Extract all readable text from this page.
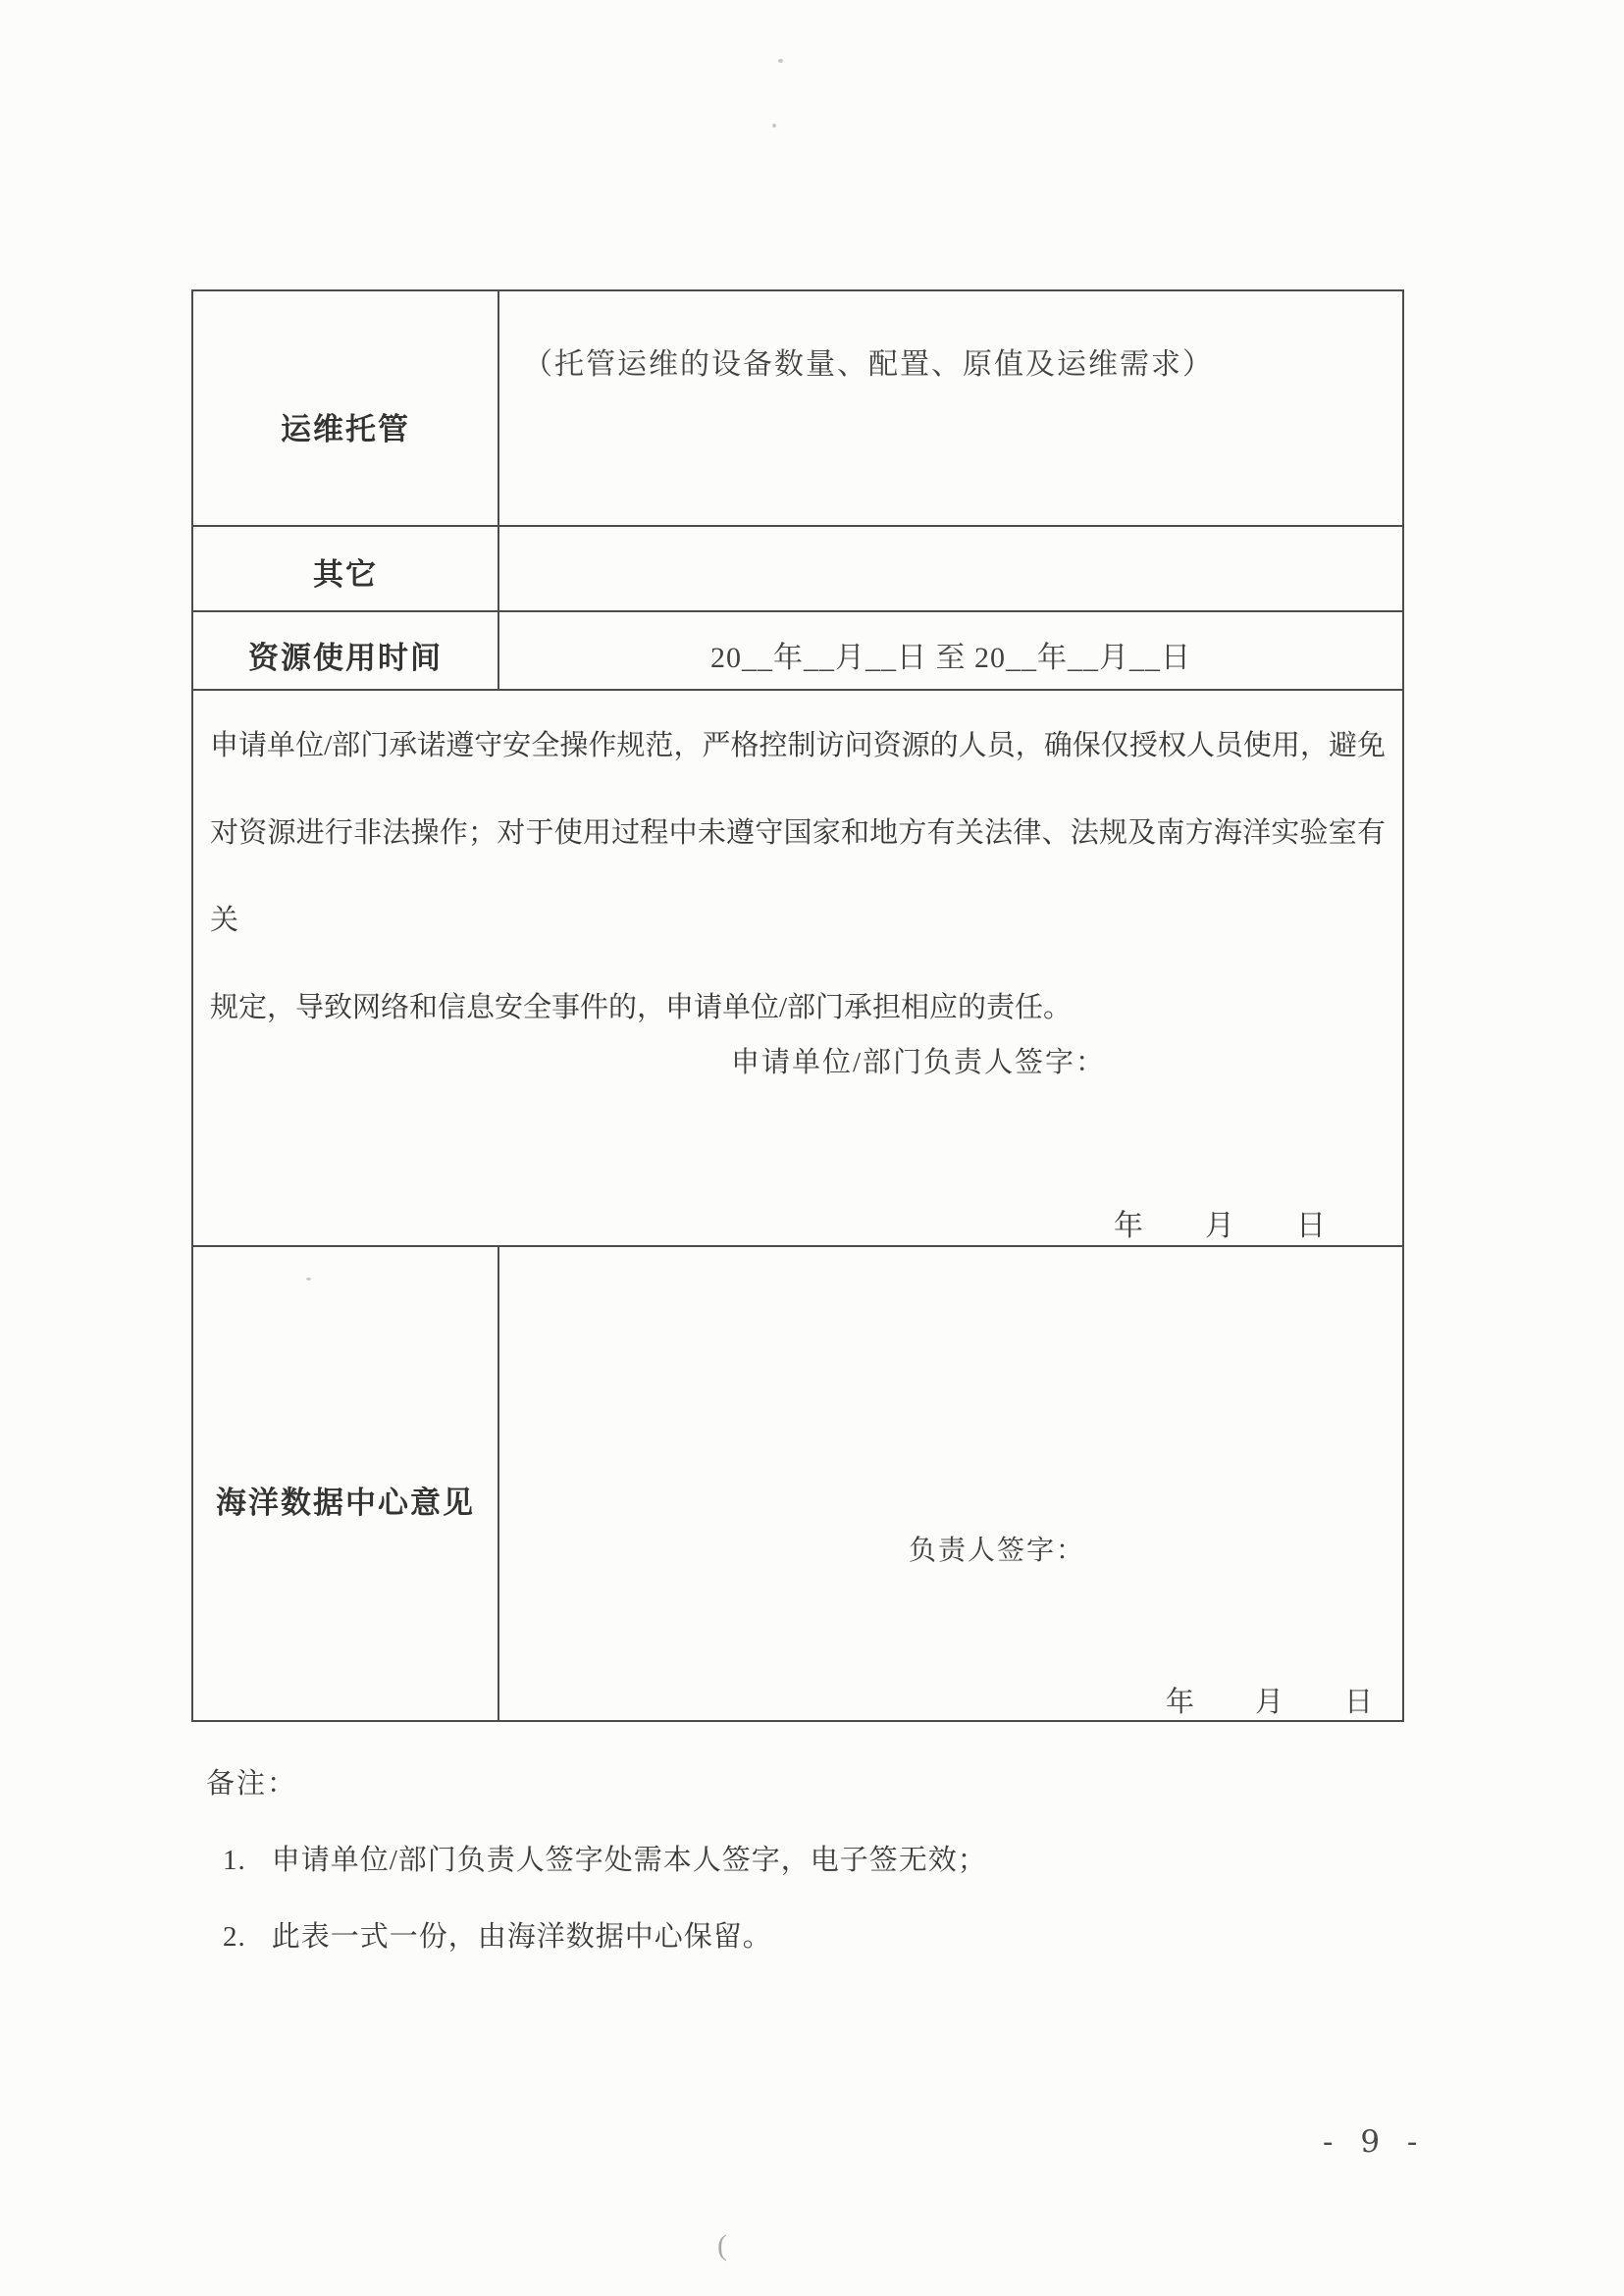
运维托管
（托管运维的设备数量、配置、原值及运维需求）
其它
资源使用时间	20__年__月__日 至 20__年__月__日
申请单位/部门承诺遵守安全操作规范，严格控制访问资源的人员，确保仅授权人员使用，避免
对资源进行非法操作；对于使用过程中未遵守国家和地方有关法律、法规及南方海洋实验室有关
规定，导致网络和信息安全事件的，申请单位/部门承担相应的责任。
申请单位/部门负责人签字：
年 月 日
海洋数据中心意见
负责人签字：
年 月 日
备注：
1. 申请单位/部门负责人签字处需本人签字，电子签无效；
2. 此表一式一份，由海洋数据中心保留。
- 9 -
(
